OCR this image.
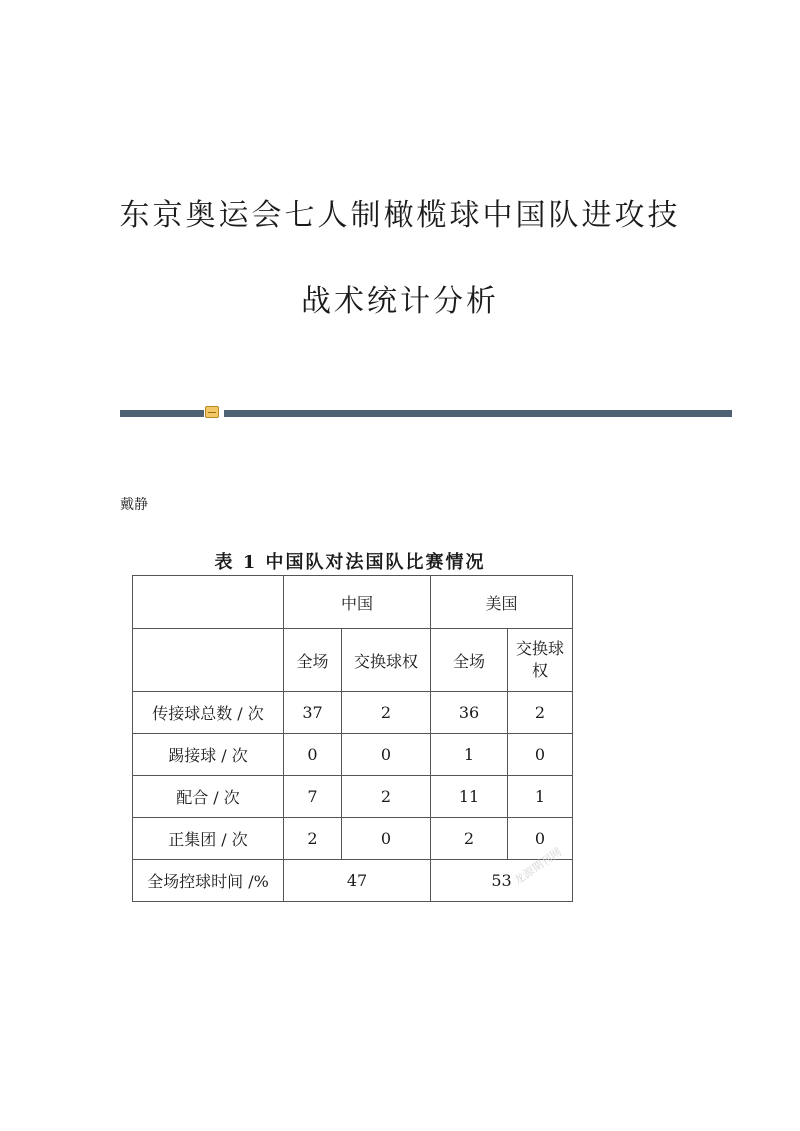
东京奥运会七人制橄榄球中国队进攻技
战术统计分析
戴静
表 1 中国队对法国队比赛情况
	中国		美国	
	全场	交换球权	全场	交换球
权
传接球总数 / 次	37	2	36	2
踢接球 / 次	0	0	1	0
配合 / 次	7	2	11	1
正集团 / 次	2	0	2	0
全场控球时间 /%	47		53	龙源期刊网
